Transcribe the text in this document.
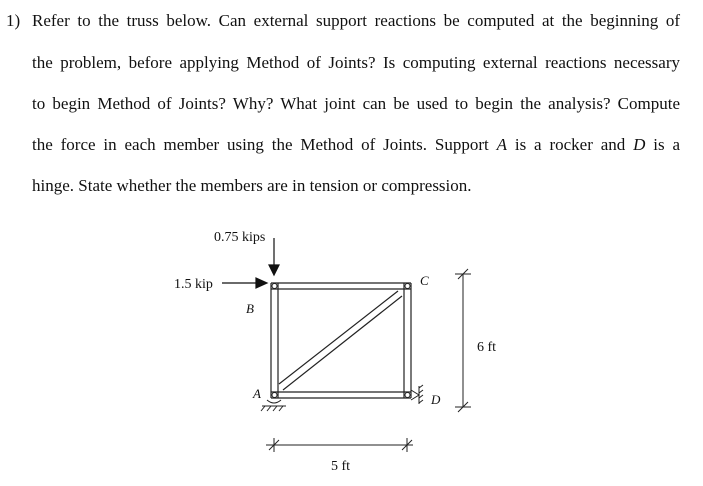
1) Refer to the truss below. Can external support reactions be computed at the beginning of
the problem, before applying Method of Joints? Is computing external reactions necessary
to begin Method of Joints? Why? What joint can be used to begin the analysis? Compute
the force in each member using the Method of Joints. Support A is a rocker and D is a
hinge. State whether the members are in tension or compression.
0.75 kips
1.5 kip
B
C
A	D
6 ft
5 ft
